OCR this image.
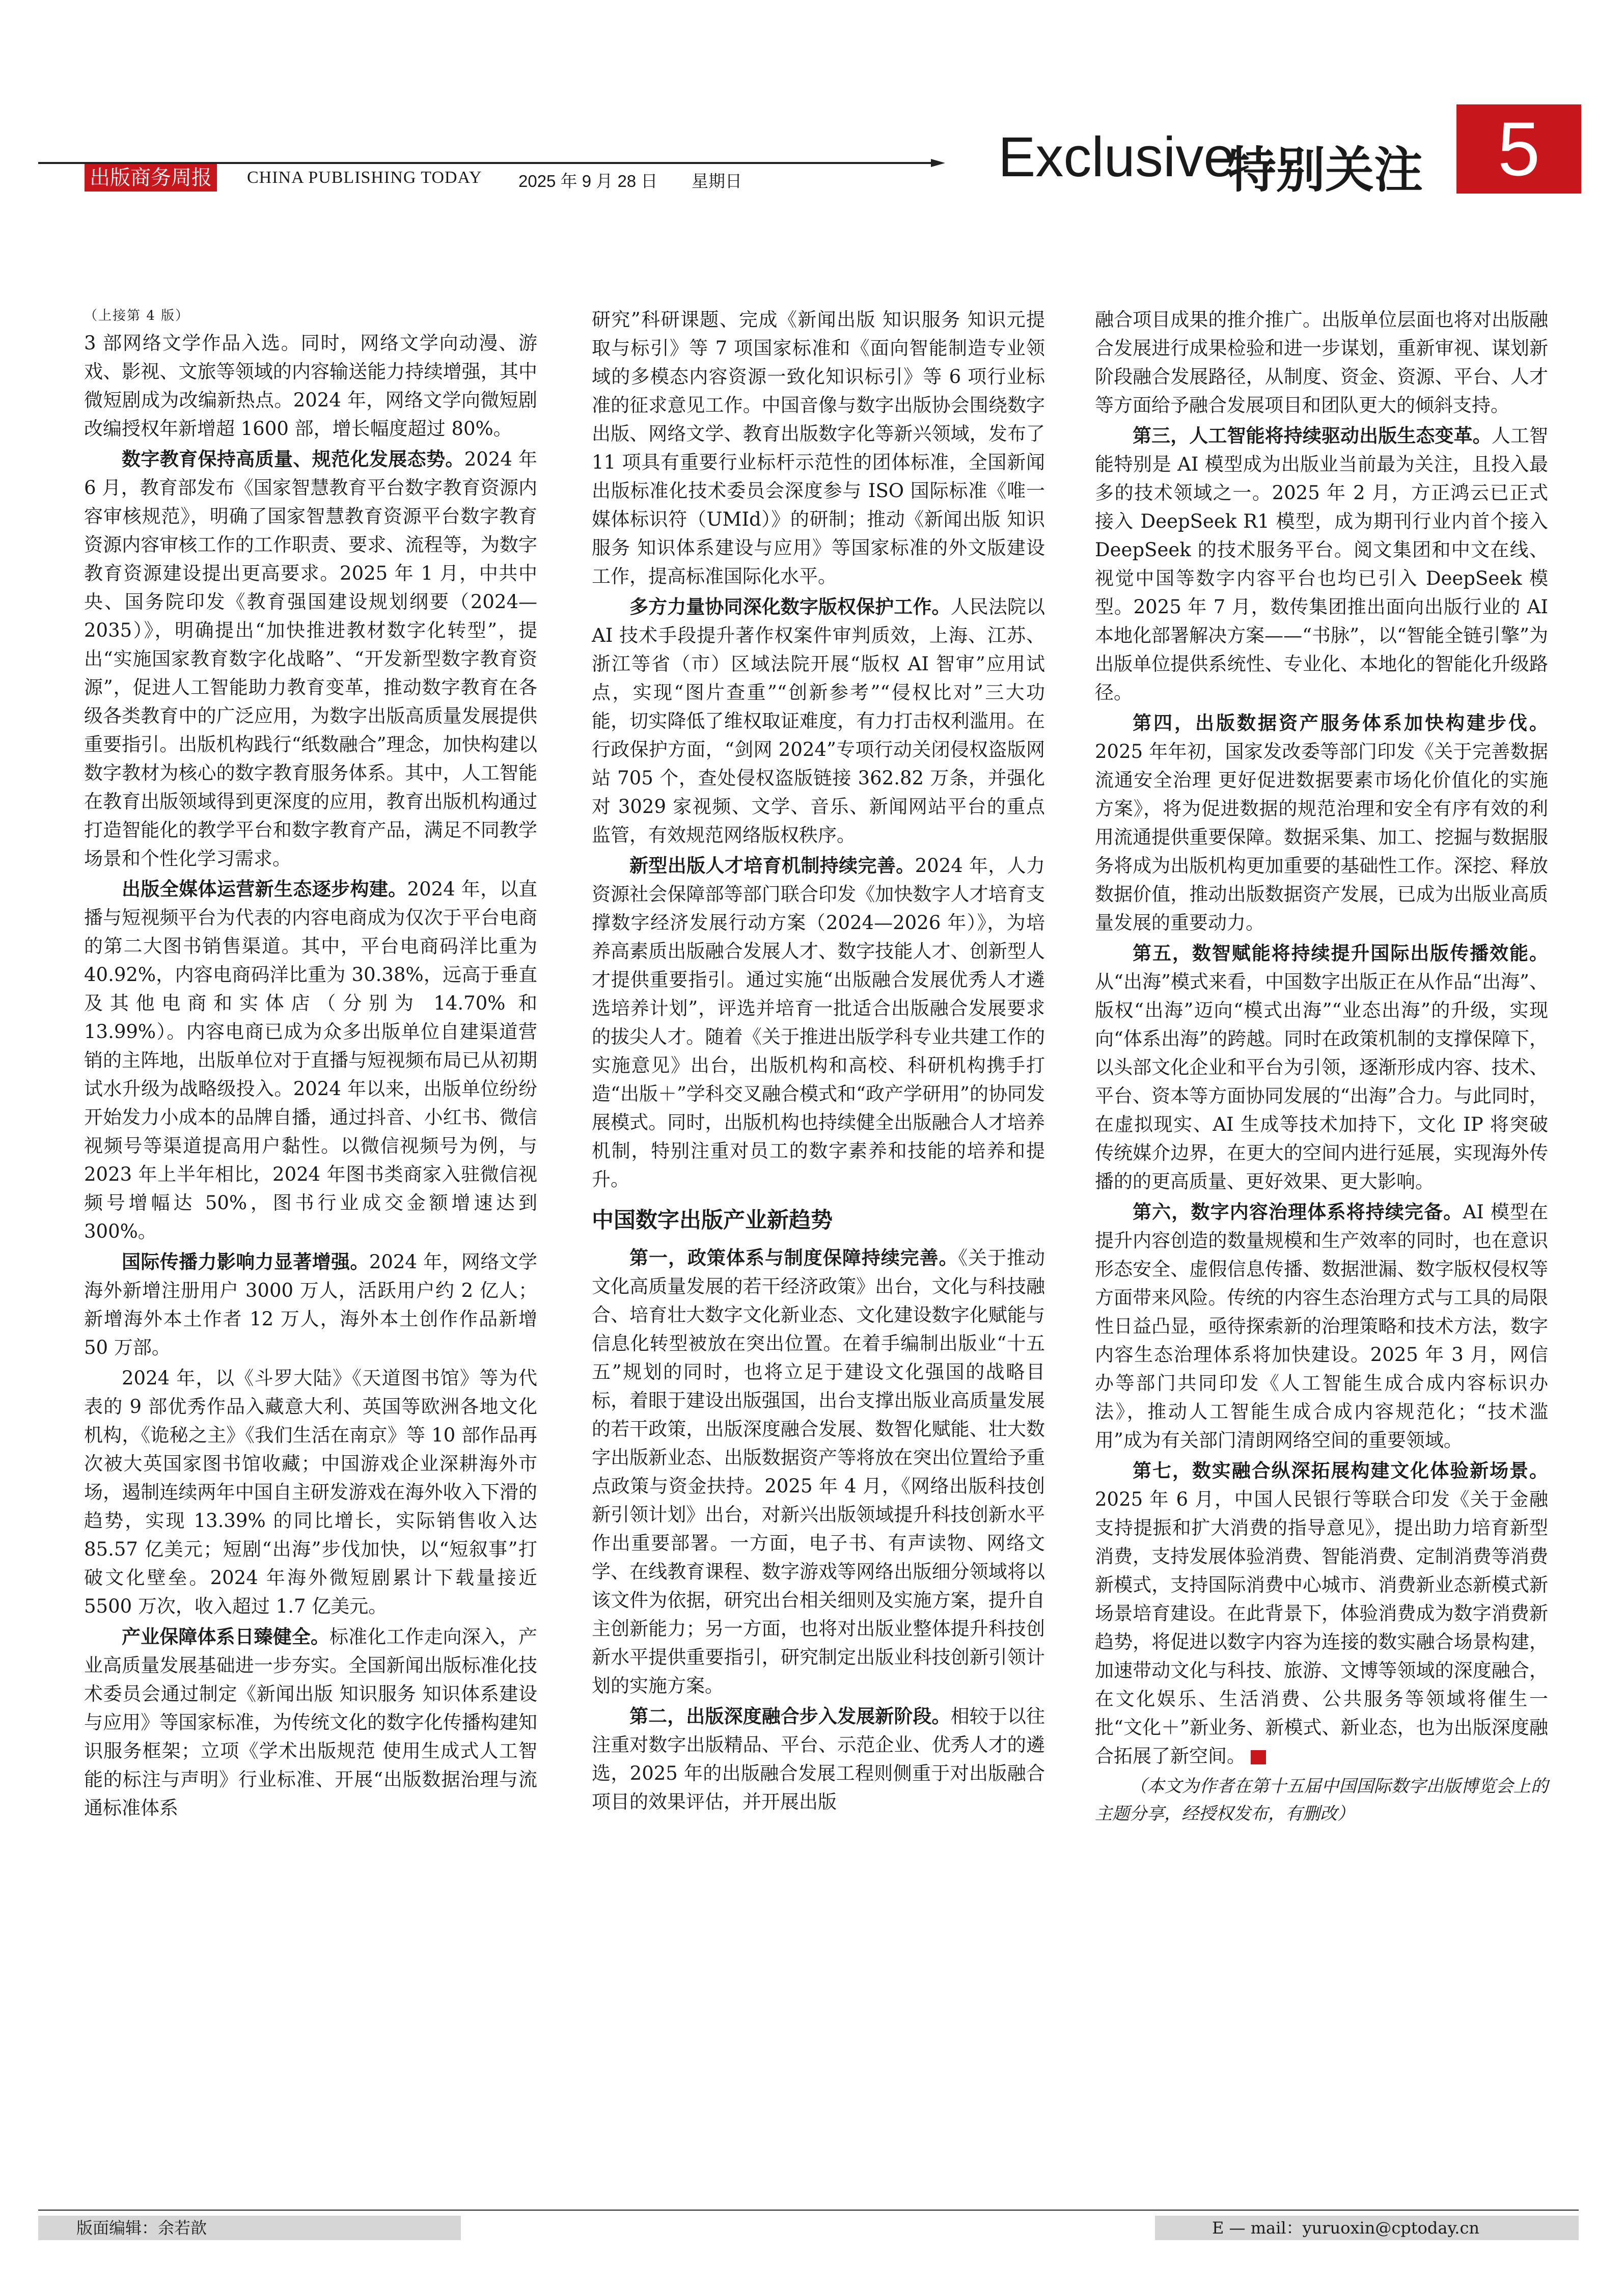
出版商务周报 CHINA PUBLISHING TODAY 2025 年 9 月 28 日 星期日	Exclusive
特别关注 5
（上接第 4 版）

3 部网络文学作品入选。同时，网络文学向动漫、游戏、影视、文旅等领域的内容输送能力持续增强，其中微短剧成为改编新热点。2024 年，网络文学向微短剧改编授权年新增超 1600 部，增长幅度超过 80%。

数字教育保持高质量、规范化发展态势。2024 年 6 月，教育部发布《国家智慧教育平台数字教育资源内容审核规范》，明确了国家智慧教育资源平台数字教育资源内容审核工作的工作职责、要求、流程等，为数字教育资源建设提出更高要求。2025 年 1 月，中共中央、国务院印发《教育强国建设规划纲要（2024—2035）》，明确提出“加快推进教材数字化转型”，提出“实施国家教育数字化战略”、“开发新型数字教育资源”，促进人工智能助力教育变革，推动数字教育在各级各类教育中的广泛应用，为数字出版高质量发展提供重要指引。出版机构践行“纸数融合”理念，加快构建以数字教材为核心的数字教育服务体系。其中，人工智能在教育出版领域得到更深度的应用，教育出版机构通过打造智能化的教学平台和数字教育产品，满足不同教学场景和个性化学习需求。

出版全媒体运营新生态逐步构建。2024 年，以直播与短视频平台为代表的内容电商成为仅次于平台电商的第二大图书销售渠道。其中，平台电商码洋比重为 40.92%，内容电商码洋比重为 30.38%，远高于垂直及其他电商和实体店（分别为 14.70% 和 13.99%）。内容电商已成为众多出版单位自建渠道营销的主阵地，出版单位对于直播与短视频布局已从初期试水升级为战略级投入。2024 年以来，出版单位纷纷开始发力小成本的品牌自播，通过抖音、小红书、微信视频号等渠道提高用户黏性。以微信视频号为例，与 2023 年上半年相比，2024 年图书类商家入驻微信视频号增幅达 50%，图书行业成交金额增速达到 300%。

国际传播力影响力显著增强。2024 年，网络文学海外新增注册用户 3000 万人，活跃用户约 2 亿人；新增海外本土作者 12 万人，海外本土创作作品新增 50 万部。

2024 年，以《斗罗大陆》《天道图书馆》等为代表的 9 部优秀作品入藏意大利、英国等欧洲各地文化机构，《诡秘之主》《我们生活在南京》等 10 部作品再次被大英国家图书馆收藏；中国游戏企业深耕海外市场，遏制连续两年中国自主研发游戏在海外收入下滑的趋势，实现 13.39% 的同比增长，实际销售收入达 85.57 亿美元；短剧“出海”步伐加快，以“短叙事”打破文化壁垒。2024 年海外微短剧累计下载量接近 5500 万次，收入超过 1.7 亿美元。

产业保障体系日臻健全。标准化工作走向深入，产业高质量发展基础进一步夯实。全国新闻出版标准化技术委员会通过制定《新闻出版 知识服务 知识体系建设与应用》等国家标准，为传统文化的数字化传播构建知识服务框架；立项《学术出版规范 使用生成式人工智能的标注与声明》行业标准、开展“出版数据治理与流通标准体系

研究”科研课题、完成《新闻出版 知识服务 知识元提取与标引》等 7 项国家标准和《面向智能制造专业领域的多模态内容资源一致化知识标引》等 6 项行业标准的征求意见工作。中国音像与数字出版协会围绕数字出版、网络文学、教育出版数字化等新兴领域，发布了 11 项具有重要行业标杆示范性的团体标准，全国新闻出版标准化技术委员会深度参与 ISO 国际标准《唯一媒体标识符（UMId）》的研制；推动《新闻出版 知识服务 知识体系建设与应用》等国家标准的外文版建设工作，提高标准国际化水平。

多方力量协同深化数字版权保护工作。人民法院以 AI 技术手段提升著作权案件审判质效，上海、江苏、浙江等省（市）区域法院开展“版权 AI 智审”应用试点，实现“图片查重”“创新参考”“侵权比对”三大功能，切实降低了维权取证难度，有力打击权利滥用。在行政保护方面，“剑网 2024”专项行动关闭侵权盗版网站 705 个，查处侵权盗版链接 362.82 万条，并强化对 3029 家视频、文学、音乐、新闻网站平台的重点监管，有效规范网络版权秩序。

新型出版人才培育机制持续完善。2024 年，人力资源社会保障部等部门联合印发《加快数字人才培育支撑数字经济发展行动方案（2024—2026 年）》，为培养高素质出版融合发展人才、数字技能人才、创新型人才提供重要指引。通过实施“出版融合发展优秀人才遴选培养计划”，评选并培育一批适合出版融合发展要求的拔尖人才。随着《关于推进出版学科专业共建工作的实施意见》出台，出版机构和高校、科研机构携手打造“出版＋”学科交叉融合模式和“政产学研用”的协同发展模式。同时，出版机构也持续健全出版融合人才培养机制，特别注重对员工的数字素养和技能的培养和提升。

中国数字出版产业新趋势

第一，政策体系与制度保障持续完善。《关于推动文化高质量发展的若干经济政策》出台，文化与科技融合、培育壮大数字文化新业态、文化建设数字化赋能与信息化转型被放在突出位置。在着手编制出版业“十五五”规划的同时，也将立足于建设文化强国的战略目标，着眼于建设出版强国，出台支撑出版业高质量发展的若干政策，出版深度融合发展、数智化赋能、壮大数字出版新业态、出版数据资产等将放在突出位置给予重点政策与资金扶持。2025 年 4 月，《网络出版科技创新引领计划》出台，对新兴出版领域提升科技创新水平作出重要部署。一方面，电子书、有声读物、网络文学、在线教育课程、数字游戏等网络出版细分领域将以该文件为依据，研究出台相关细则及实施方案，提升自主创新能力；另一方面，也将对出版业整体提升科技创新水平提供重要指引，研究制定出版业科技创新引领计划的实施方案。

第二，出版深度融合步入发展新阶段。相较于以往注重对数字出版精品、平台、示范企业、优秀人才的遴选，2025 年的出版融合发展工程则侧重于对出版融合项目的效果评估，并开展出版

融合项目成果的推介推广。出版单位层面也将对出版融合发展进行成果检验和进一步谋划，重新审视、谋划新阶段融合发展路径，从制度、资金、资源、平台、人才等方面给予融合发展项目和团队更大的倾斜支持。

第三，人工智能将持续驱动出版生态变革。人工智能特别是 AI 模型成为出版业当前最为关注，且投入最多的技术领域之一。2025 年 2 月，方正鸿云已正式接入 DeepSeek R1 模型，成为期刊行业内首个接入 DeepSeek 的技术服务平台。阅文集团和中文在线、视觉中国等数字内容平台也均已引入 DeepSeek 模型。2025 年 7 月，数传集团推出面向出版行业的 AI 本地化部署解决方案——“书脉”，以“智能全链引擎”为出版单位提供系统性、专业化、本地化的智能化升级路径。

第四，出版数据资产服务体系加快构建步伐。2025 年年初，国家发改委等部门印发《关于完善数据流通安全治理 更好促进数据要素市场化价值化的实施方案》，将为促进数据的规范治理和安全有序有效的利用流通提供重要保障。数据采集、加工、挖掘与数据服务将成为出版机构更加重要的基础性工作。深挖、释放数据价值，推动出版数据资产发展，已成为出版业高质量发展的重要动力。

第五，数智赋能将持续提升国际出版传播效能。从“出海”模式来看，中国数字出版正在从作品“出海”、版权“出海”迈向“模式出海”“业态出海”的升级，实现向“体系出海”的跨越。同时在政策机制的支撑保障下，以头部文化企业和平台为引领，逐渐形成内容、技术、平台、资本等方面协同发展的“出海”合力。与此同时，在虚拟现实、AI 生成等技术加持下，文化 IP 将突破传统媒介边界，在更大的空间内进行延展，实现海外传播的的更高质量、更好效果、更大影响。

第六，数字内容治理体系将持续完备。AI 模型在提升内容创造的数量规模和生产效率的同时，也在意识形态安全、虚假信息传播、数据泄漏、数字版权侵权等方面带来风险。传统的内容生态治理方式与工具的局限性日益凸显，亟待探索新的治理策略和技术方法，数字内容生态治理体系将加快建设。2025 年 3 月，网信办等部门共同印发《人工智能生成合成内容标识办法》，推动人工智能生成合成内容规范化；“技术滥用”成为有关部门清朗网络空间的重要领域。

第七，数实融合纵深拓展构建文化体验新场景。2025 年 6 月，中国人民银行等联合印发《关于金融支持提振和扩大消费的指导意见》，提出助力培育新型消费，支持发展体验消费、智能消费、定制消费等消费新模式，支持国际消费中心城市、消费新业态新模式新场景培育建设。在此背景下，体验消费成为数字消费新趋势，将促进以数字内容为连接的数实融合场景构建，加速带动文化与科技、旅游、文博等领域的深度融合，在文化娱乐、生活消费、公共服务等领域将催生一批“文化＋”新业务、新模式、新业态，也为出版深度融合拓展了新空间。

（本文为作者在第十五届中国国际数字出版博览会上的主题分享，经授权发布，有删改）

版面编辑：余若歆	E — mail：yuruoxin@cptoday.cn
